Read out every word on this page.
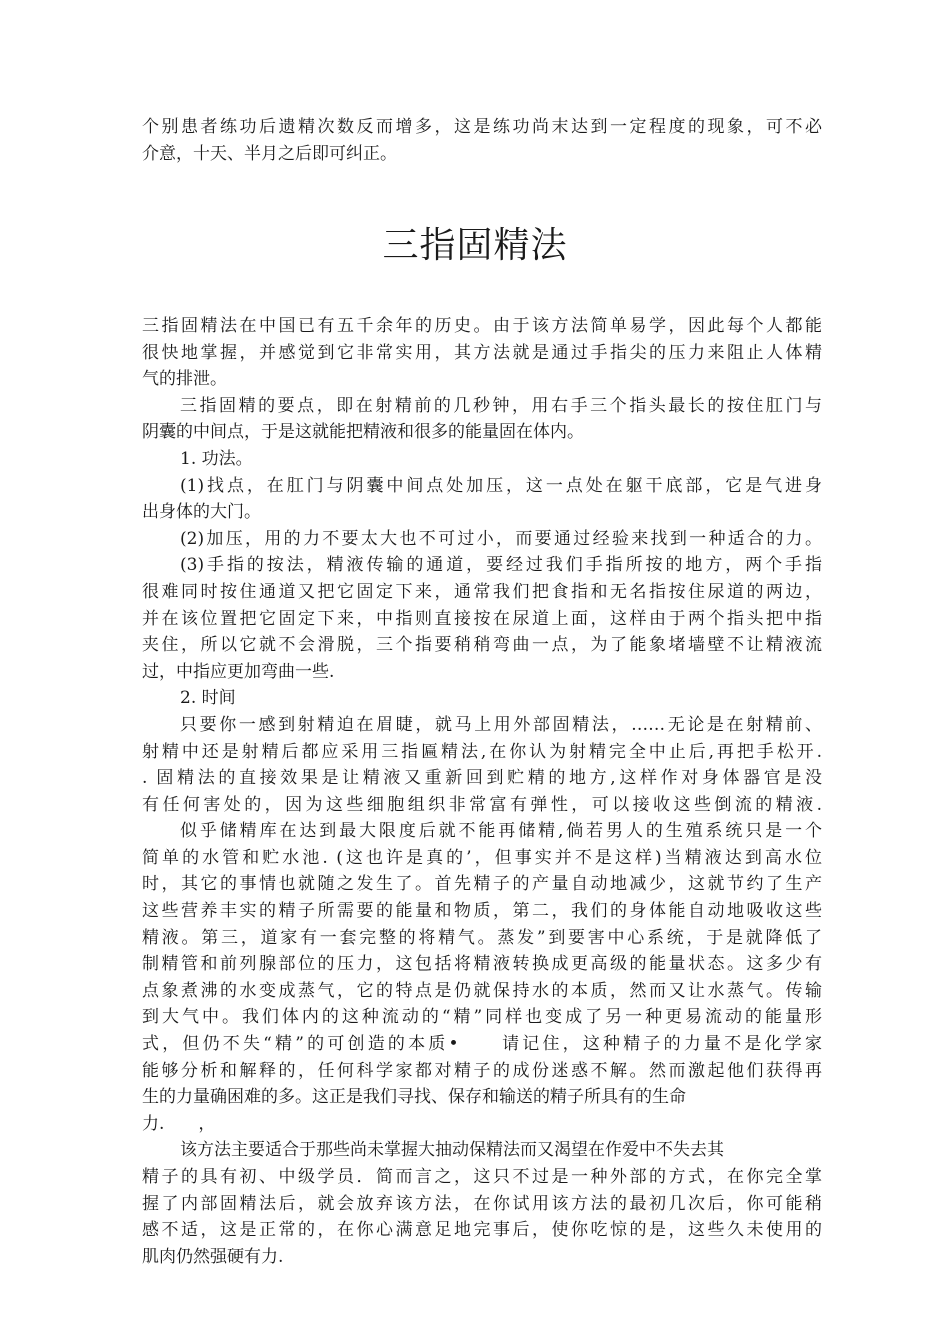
个别患者练功后遗精次数反而增多，这是练功尚末达到一定程度的现象，可不必
介意，十天、半月之后即可纠正。
三指固精法
三指固精法在中国已有五千余年的历史。由于该方法简单易学，因此每个人都能
很快地掌握，并感觉到它非常实用，其方法就是通过手指尖的压力来阻止人体精
气的排泄。
三指固精的要点，即在射精前的几秒钟，用右手三个指头最长的按住肛门与
阴囊的中间点，于是这就能把精液和很多的能量固在体内。
1. 功法。
(1)找点，在肛门与阴囊中间点处加压，这一点处在躯干底部，它是气进身
出身体的大门。
(2)加压，用的力不要太大也不可过小，而要通过经验来找到一种适合的力。
(3)手指的按法，精液传输的通道，要经过我们手指所按的地方，两个手指
很难同时按住通道又把它固定下来，通常我们把食指和无名指按住尿道的两边，
并在该位置把它固定下来，中指则直接按在尿道上面，这样由于两个指头把中指
夹住，所以它就不会滑脱，三个指要稍稍弯曲一点，为了能象堵墙壁不让精液流
过，中指应更加弯曲一些.
2. 时间
只要你一感到射精迫在眉睫，就马上用外部固精法，……无论是在射精前、
射精中还是射精后都应采用三指匾精法,在你认为射精完全中止后,再把手松开.
. 固精法的直接效果是让精液又重新回到贮精的地方,这样作对身体器官是没
有任何害处的，因为这些细胞组织非常富有弹性，可以接收这些倒流的精液.
似乎储精库在达到最大限度后就不能再储精,倘若男人的生殖系统只是一个
简单的水管和贮水池. (这也许是真的’，但事实并不是这样)当精液达到高水位
时，其它的事情也就随之发生了。首先精子的产量自动地减少，这就节约了生产
这些营养丰实的精子所需要的能量和物质，第二，我们的身体能自动地吸收这些
精液。第三，道家有一套完整的将精气。蒸发”到要害中心系统，于是就降低了
制精管和前列腺部位的压力，这包括将精液转换成更高级的能量状态。这多少有
点象煮沸的水变成蒸气，它的特点是仍就保持水的本质，然而又让水蒸气。传输
到大气中。我们体内的这种流动的“精”同样也变成了另一种更易流动的能量形
式，但仍不失“精”的可创造的本质•　　请记住，这种精子的力量不是化学家
能够分析和解释的，任何科学家都对精子的成份迷惑不解。然而激起他们获得再
生的力量确困难的多。这正是我们寻找、保存和输送的精子所具有的生命
力.　　，
该方法主要适合于那些尚未掌握大抽动保精法而又渴望在作爱中不失去其
精子的具有初、中级学员．简而言之，这只不过是一种外部的方式，在你完全掌
握了内部固精法后，就会放弃该方法，在你试用该方法的最初几次后，你可能稍
感不适，这是正常的，在你心满意足地完事后，使你吃惊的是，这些久未使用的
肌肉仍然强硬有力.
